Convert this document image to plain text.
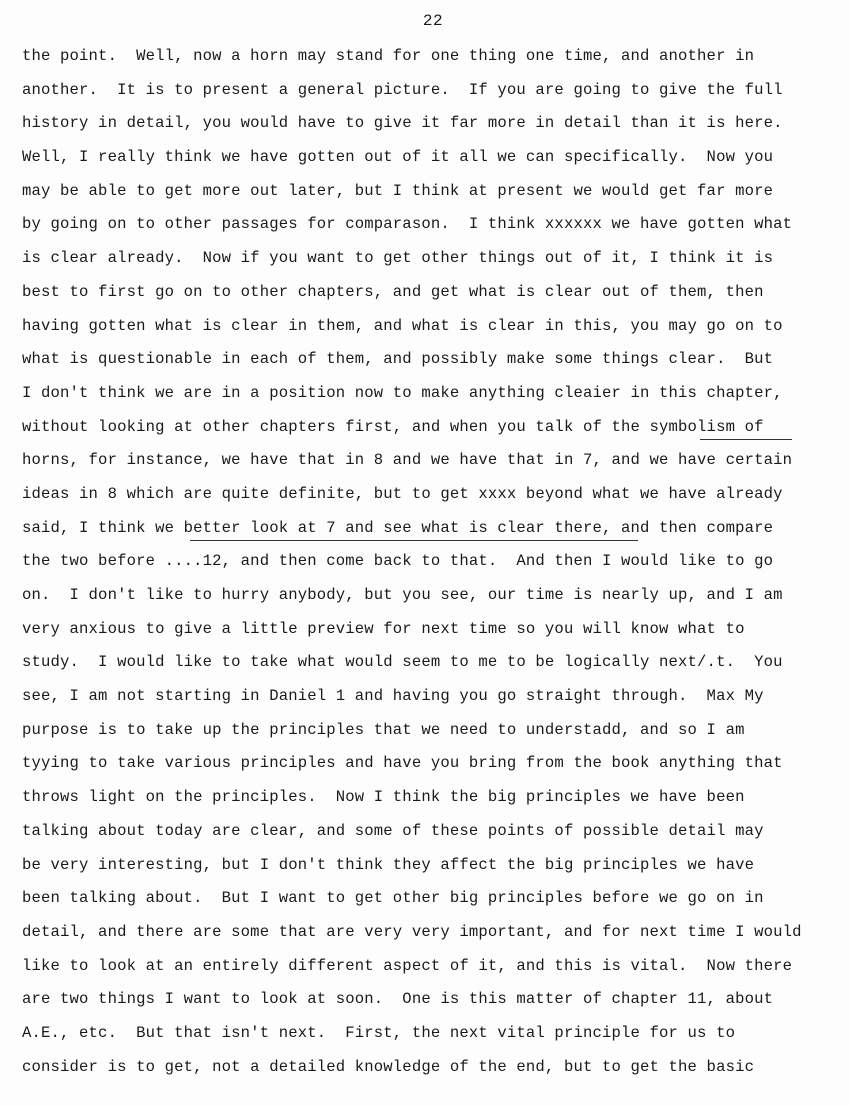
22
the point.  Well, now a horn may stand for one thing one time, and another in
another.  It is to present a general picture.  If you are going to give the full
history in detail, you would have to give it far more in detail than it is here.
Well, I really think we have gotten out of it all we can specifically.  Now you
may be able to get more out later, but I think at present we would get far more
by going on to other passages for comparason.  I think xxxxxx we have gotten what
is clear already.  Now if you want to get other things out of it, I think it is
best to first go on to other chapters, and get what is clear out of them, then
having gotten what is clear in them, and what is clear in this, you may go on to
what is questionable in each of them, and possibly make some things clear.  But
I don't think we are in a position now to make anything cleaier in this chapter,
without looking at other chapters first, and when you talk of the symbolism of
horns, for instance, we have that in 8 and we have that in 7, and we have certain
ideas in 8 which are quite definite, but to get xxxx beyond what we have already
said, I think we better look at 7 and see what is clear there, and then compare
the two before ....12, and then come back to that.  And then I would like to go
on.  I don't like to hurry anybody, but you see, our time is nearly up, and I am
very anxious to give a little preview for next time so you will know what to
study.  I would like to take what would seem to me to be logically next/.t.  You
see, I am not starting in Daniel 1 and having you go straight through.  Max My
purpose is to take up the principles that we need to understadd, and so I am
tyying to take various principles and have you bring from the book anything that
throws light on the principles.  Now I think the big principles we have been
talking about today are clear, and some of these points of possible detail may
be very interesting, but I don't think they affect the big principles we have
been talking about.  But I want to get other big principles before we go on in
detail, and there are some that are very very important, and for next time I would
like to look at an entirely different aspect of it, and this is vital.  Now there
are two things I want to look at soon.  One is this matter of chapter 11, about
A.E., etc.  But that isn't next.  First, the next vital principle for us to
consider is to get, not a detailed knowledge of the end, but to get the basic
